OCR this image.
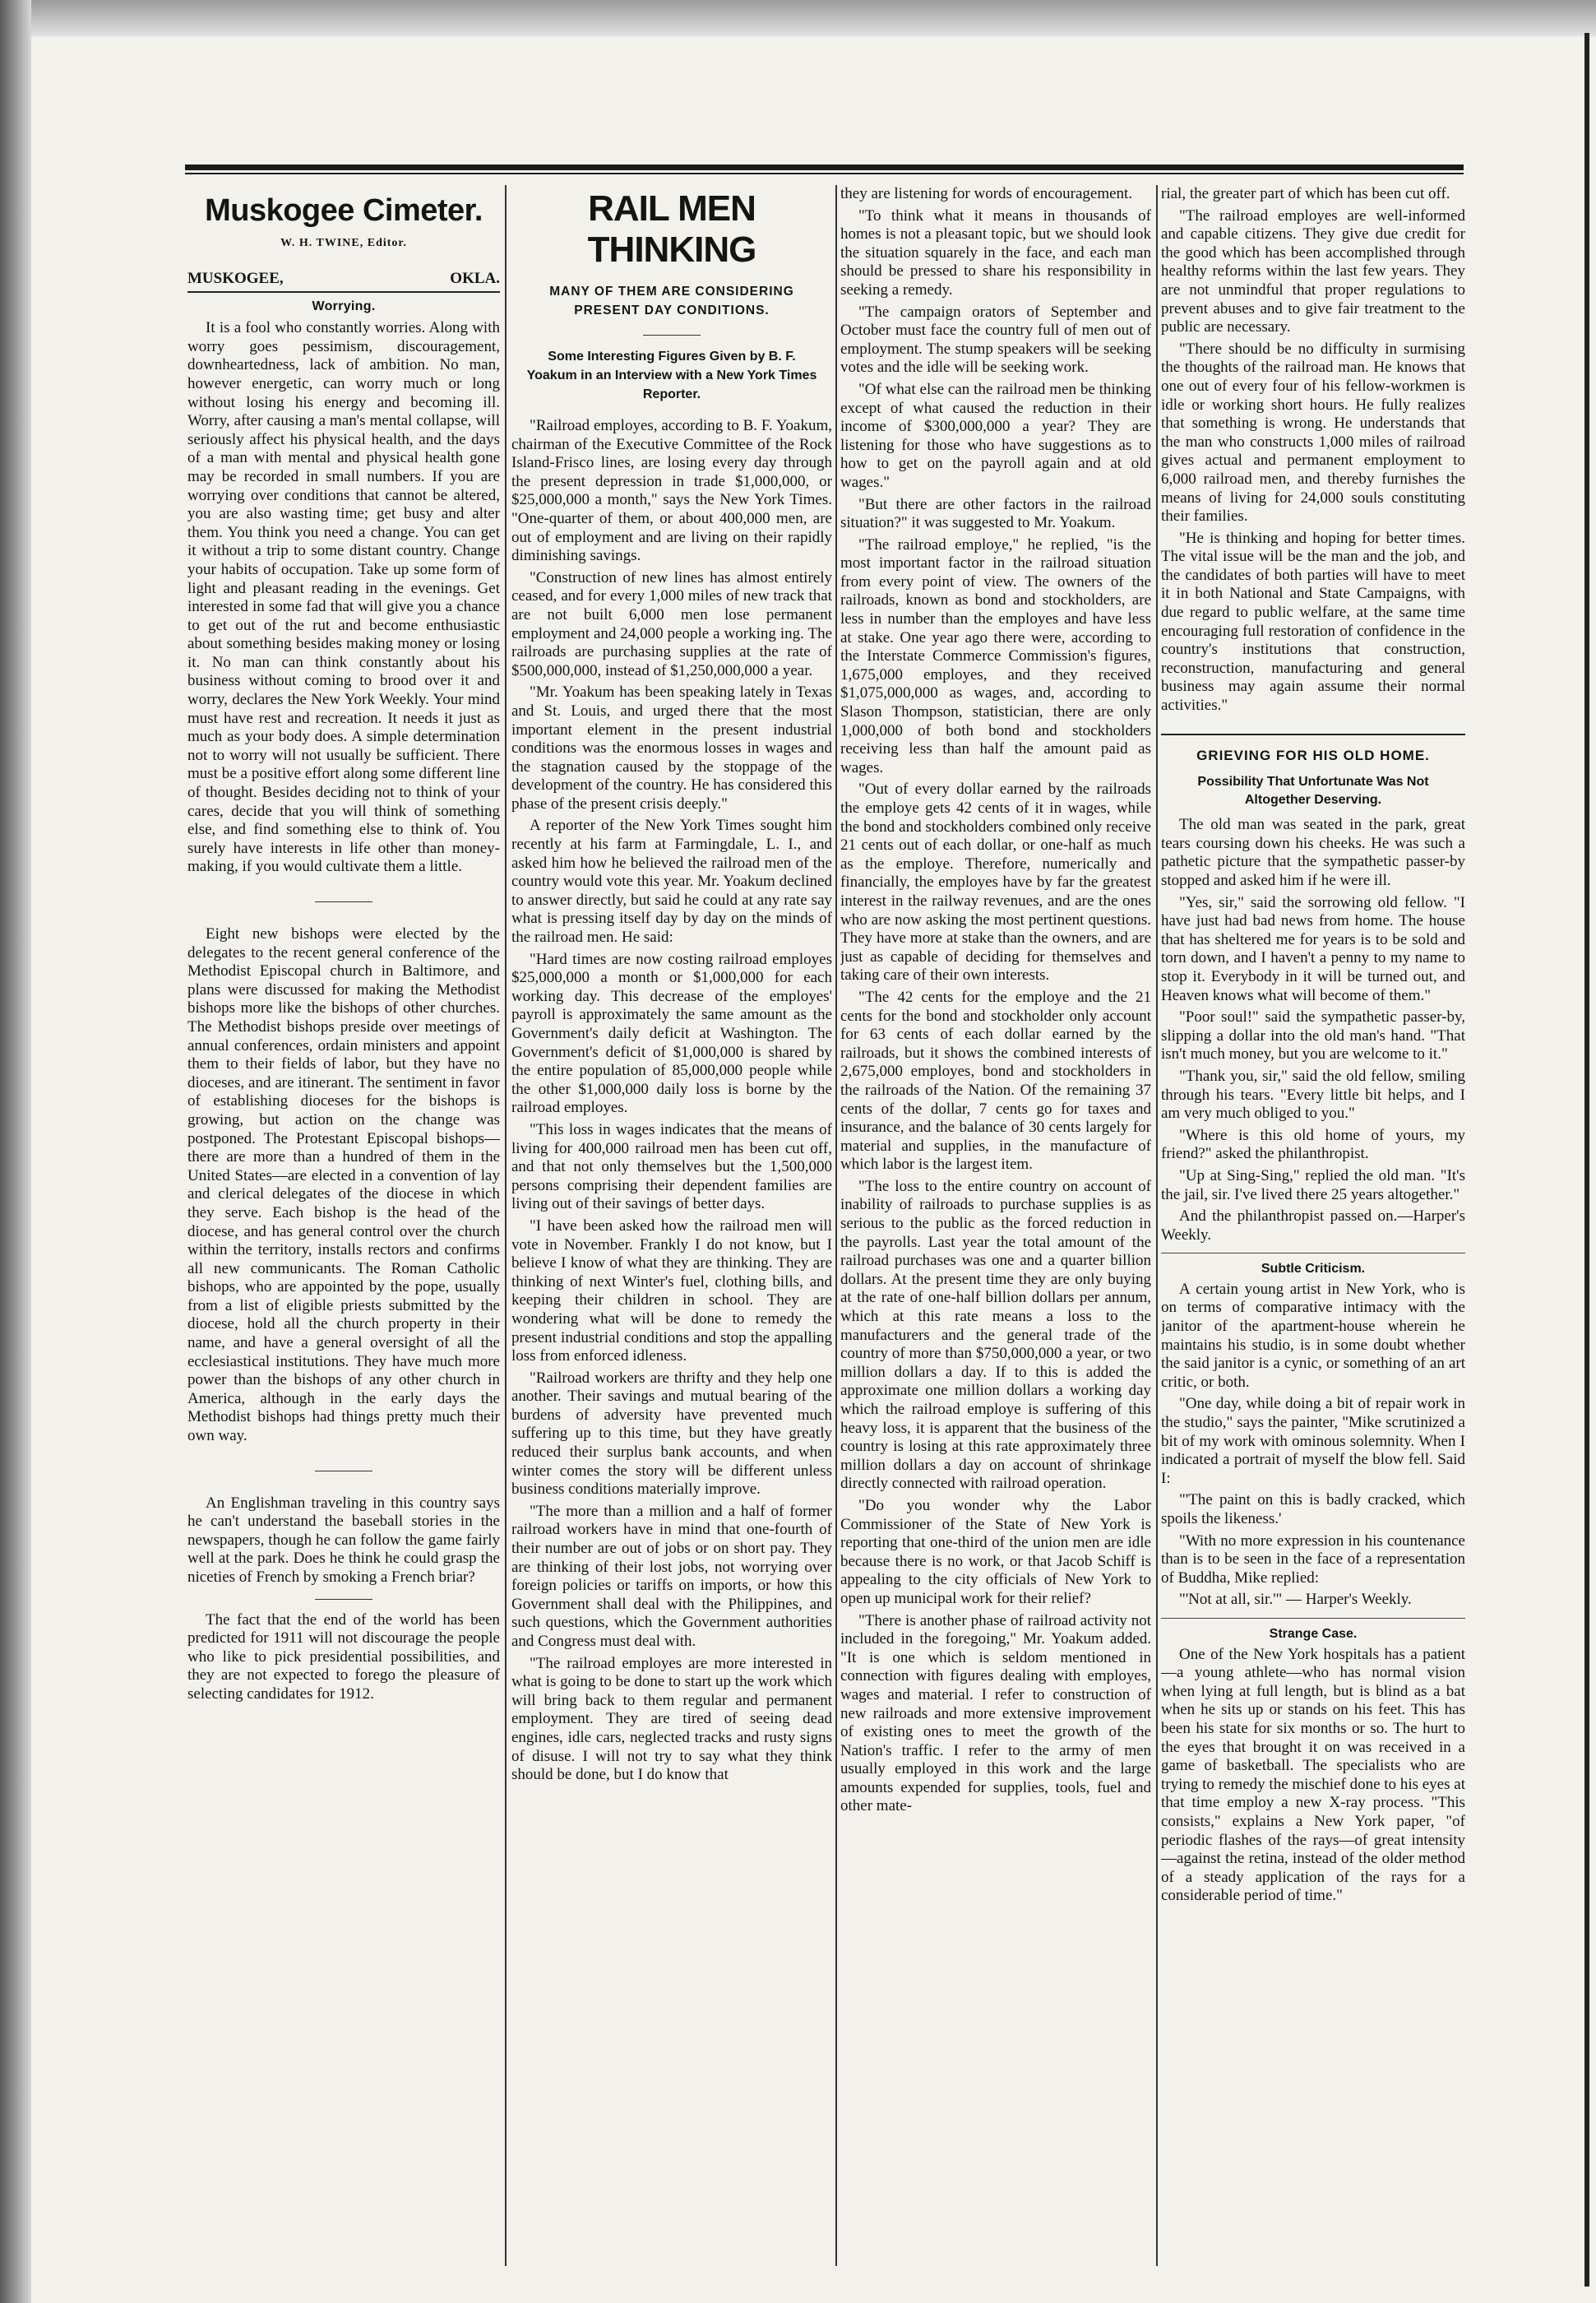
Muskogee Cimeter.
W. H. TWINE, Editor.
MUSKOGEE,	OKLA.
Worrying.

It is a fool who constantly worries. Along with worry goes pessimism, discouragement, downheartedness, lack of ambition. No man, however energetic, can worry much or long without losing his energy and becoming ill. Worry, after causing a man's mental collapse, will seriously affect his physical health, and the days of a man with mental and physical health gone may be recorded in small numbers. If you are worrying over conditions that cannot be altered, you are also wasting time; get busy and alter them. You think you need a change. You can get it without a trip to some distant country. Change your habits of occupation. Take up some form of light and pleasant reading in the evenings. Get interested in some fad that will give you a chance to get out of the rut and become enthusiastic about something besides making money or losing it. No man can think constantly about his business without coming to brood over it and worry, declares the New York Weekly. Your mind must have rest and recreation. It needs it just as much as your body does. A simple determination not to worry will not usually be sufficient. There must be a positive effort along some different line of thought. Besides deciding not to think of your cares, decide that you will think of something else, and find something else to think of. You surely have interests in life other than money-making, if you would cultivate them a little.

Eight new bishops were elected by the delegates to the recent general conference of the Methodist Episcopal church in Baltimore, and plans were discussed for making the Methodist bishops more like the bishops of other churches. The Methodist bishops preside over meetings of annual conferences, ordain ministers and appoint them to their fields of labor, but they have no dioceses, and are itinerant. The sentiment in favor of establishing dioceses for the bishops is growing, but action on the change was postponed. The Protestant Episcopal bishops—there are more than a hundred of them in the United States—are elected in a convention of lay and clerical delegates of the diocese in which they serve. Each bishop is the head of the diocese, and has general control over the church within the territory, installs rectors and confirms all new communicants. The Roman Catholic bishops, who are appointed by the pope, usually from a list of eligible priests submitted by the diocese, hold all the church property in their name, and have a general oversight of all the ecclesiastical institutions. They have much more power than the bishops of any other church in America, although in the early days the Methodist bishops had things pretty much their own way.

An Englishman traveling in this country says he can't understand the baseball stories in the newspapers, though he can follow the game fairly well at the park. Does he think he could grasp the niceties of French by smoking a French briar?

The fact that the end of the world has been predicted for 1911 will not discourage the people who like to pick presidential possibilities, and they are not expected to forego the pleasure of selecting candidates for 1912.

RAIL MEN THINKING
MANY OF THEM ARE CONSIDERING PRESENT DAY CONDITIONS.
Some Interesting Figures Given by B. F. Yoakum in an Interview with a New York Times Reporter.

"Railroad employes, according to B. F. Yoakum, chairman of the Executive Committee of the Rock Island-Frisco lines, are losing every day through the present depression in trade $1,000,000, or $25,000,000 a month," says the New York Times. "One-quarter of them, or about 400,000 men, are out of employment and are living on their rapidly diminishing savings.

"Construction of new lines has almost entirely ceased, and for every 1,000 miles of new track that are not built 6,000 men lose permanent employment and 24,000 people a working ing. The railroads are purchasing supplies at the rate of $500,000,000, instead of $1,250,000,000 a year.

"Mr. Yoakum has been speaking lately in Texas and St. Louis, and urged there that the most important element in the present industrial conditions was the enormous losses in wages and the stagnation caused by the stoppage of the development of the country. He has considered this phase of the present crisis deeply."

A reporter of the New York Times sought him recently at his farm at Farmingdale, L. I., and asked him how he believed the railroad men of the country would vote this year. Mr. Yoakum declined to answer directly, but said he could at any rate say what is pressing itself day by day on the minds of the railroad men. He said:

"Hard times are now costing railroad employes $25,000,000 a month or $1,000,000 for each working day. This decrease of the employes' payroll is approximately the same amount as the Government's daily deficit at Washington. The Government's deficit of $1,000,000 is shared by the entire population of 85,000,000 people while the other $1,000,000 daily loss is borne by the railroad employes.

"This loss in wages indicates that the means of living for 400,000 railroad men has been cut off, and that not only themselves but the 1,500,000 persons comprising their dependent families are living out of their savings of better days.

"I have been asked how the railroad men will vote in November. Frankly I do not know, but I believe I know of what they are thinking. They are thinking of next Winter's fuel, clothing bills, and keeping their children in school. They are wondering what will be done to remedy the present industrial conditions and stop the appalling loss from enforced idleness.

"Railroad workers are thrifty and they help one another. Their savings and mutual bearing of the burdens of adversity have prevented much suffering up to this time, but they have greatly reduced their surplus bank accounts, and when winter comes the story will be different unless business conditions materially improve.

"The more than a million and a half of former railroad workers have in mind that one-fourth of their number are out of jobs or on short pay. They are thinking of their lost jobs, not worrying over foreign policies or tariffs on imports, or how this Government shall deal with the Philippines, and such questions, which the Government authorities and Congress must deal with.

"The railroad employes are more interested in what is going to be done to start up the work which will bring back to them regular and permanent employment. They are tired of seeing dead engines, idle cars, neglected tracks and rusty signs of disuse. I will not try to say what they think should be done, but I do know that

they are listening for words of encouragement.

"To think what it means in thousands of homes is not a pleasant topic, but we should look the situation squarely in the face, and each man should be pressed to share his responsibility in seeking a remedy.

"The campaign orators of September and October must face the country full of men out of employment. The stump speakers will be seeking votes and the idle will be seeking work.

"Of what else can the railroad men be thinking except of what caused the reduction in their income of $300,000,000 a year? They are listening for those who have suggestions as to how to get on the payroll again and at old wages."

"But there are other factors in the railroad situation?" it was suggested to Mr. Yoakum.

"The railroad employe," he replied, "is the most important factor in the railroad situation from every point of view. The owners of the railroads, known as bond and stockholders, are less in number than the employes and have less at stake. One year ago there were, according to the Interstate Commerce Commission's figures, 1,675,000 employes, and they received $1,075,000,000 as wages, and, according to Slason Thompson, statistician, there are only 1,000,000 of both bond and stockholders receiving less than half the amount paid as wages.

"Out of every dollar earned by the railroads the employe gets 42 cents of it in wages, while the bond and stockholders combined only receive 21 cents out of each dollar, or one-half as much as the employe. Therefore, numerically and financially, the employes have by far the greatest interest in the railway revenues, and are the ones who are now asking the most pertinent questions. They have more at stake than the owners, and are just as capable of deciding for themselves and taking care of their own interests.

"The 42 cents for the employe and the 21 cents for the bond and stockholder only account for 63 cents of each dollar earned by the railroads, but it shows the combined interests of 2,675,000 employes, bond and stockholders in the railroads of the Nation. Of the remaining 37 cents of the dollar, 7 cents go for taxes and insurance, and the balance of 30 cents largely for material and supplies, in the manufacture of which labor is the largest item.

"The loss to the entire country on account of inability of railroads to purchase supplies is as serious to the public as the forced reduction in the payrolls. Last year the total amount of the railroad purchases was one and a quarter billion dollars. At the present time they are only buying at the rate of one-half billion dollars per annum, which at this rate means a loss to the manufacturers and the general trade of the country of more than $750,000,000 a year, or two million dollars a day. If to this is added the approximate one million dollars a working day which the railroad employe is suffering of this heavy loss, it is apparent that the business of the country is losing at this rate approximately three million dollars a day on account of shrinkage directly connected with railroad operation.

"Do you wonder why the Labor Commissioner of the State of New York is reporting that one-third of the union men are idle because there is no work, or that Jacob Schiff is appealing to the city officials of New York to open up municipal work for their relief?

"There is another phase of railroad activity not included in the foregoing," Mr. Yoakum added. "It is one which is seldom mentioned in connection with figures dealing with employes, wages and material. I refer to construction of new railroads and more extensive improvement of existing ones to meet the growth of the Nation's traffic. I refer to the army of men usually employed in this work and the large amounts expended for supplies, tools, fuel and other mate-

rial, the greater part of which has been cut off.

"The railroad employes are well-informed and capable citizens. They give due credit for the good which has been accomplished through healthy reforms within the last few years. They are not unmindful that proper regulations to prevent abuses and to give fair treatment to the public are necessary.

"There should be no difficulty in surmising the thoughts of the railroad man. He knows that one out of every four of his fellow-workmen is idle or working short hours. He fully realizes that something is wrong. He understands that the man who constructs 1,000 miles of railroad gives actual and permanent employment to 6,000 railroad men, and thereby furnishes the means of living for 24,000 souls constituting their families.

"He is thinking and hoping for better times. The vital issue will be the man and the job, and the candidates of both parties will have to meet it in both National and State Campaigns, with due regard to public welfare, at the same time encouraging full restoration of confidence in the country's institutions that construction, reconstruction, manufacturing and general business may again assume their normal activities."

GRIEVING FOR HIS OLD HOME.
Possibility That Unfortunate Was Not Altogether Deserving.

The old man was seated in the park, great tears coursing down his cheeks. He was such a pathetic picture that the sympathetic passer-by stopped and asked him if he were ill.

"Yes, sir," said the sorrowing old fellow. "I have just had bad news from home. The house that has sheltered me for years is to be sold and torn down, and I haven't a penny to my name to stop it. Everybody in it will be turned out, and Heaven knows what will become of them."

"Poor soul!" said the sympathetic passer-by, slipping a dollar into the old man's hand. "That isn't much money, but you are welcome to it."

"Thank you, sir," said the old fellow, smiling through his tears. "Every little bit helps, and I am very much obliged to you."

"Where is this old home of yours, my friend?" asked the philanthropist.

"Up at Sing-Sing," replied the old man. "It's the jail, sir. I've lived there 25 years altogether."

And the philanthropist passed on.—Harper's Weekly.

Subtle Criticism.

A certain young artist in New York, who is on terms of comparative intimacy with the janitor of the apartment-house wherein he maintains his studio, is in some doubt whether the said janitor is a cynic, or something of an art critic, or both.

"One day, while doing a bit of repair work in the studio," says the painter, "Mike scrutinized a bit of my work with ominous solemnity. When I indicated a portrait of myself the blow fell. Said I:

"'The paint on this is badly cracked, which spoils the likeness.'

"With no more expression in his countenance than is to be seen in the face of a representation of Buddha, Mike replied:

"'Not at all, sir.'" — Harper's Weekly.

Strange Case.

One of the New York hospitals has a patient—a young athlete—who has normal vision when lying at full length, but is blind as a bat when he sits up or stands on his feet. This has been his state for six months or so. The hurt to the eyes that brought it on was received in a game of basketball. The specialists who are trying to remedy the mischief done to his eyes at that time employ a new X-ray process. "This consists," explains a New York paper, "of periodic flashes of the rays—of great intensity—against the retina, instead of the older method of a steady application of the rays for a considerable period of time."
